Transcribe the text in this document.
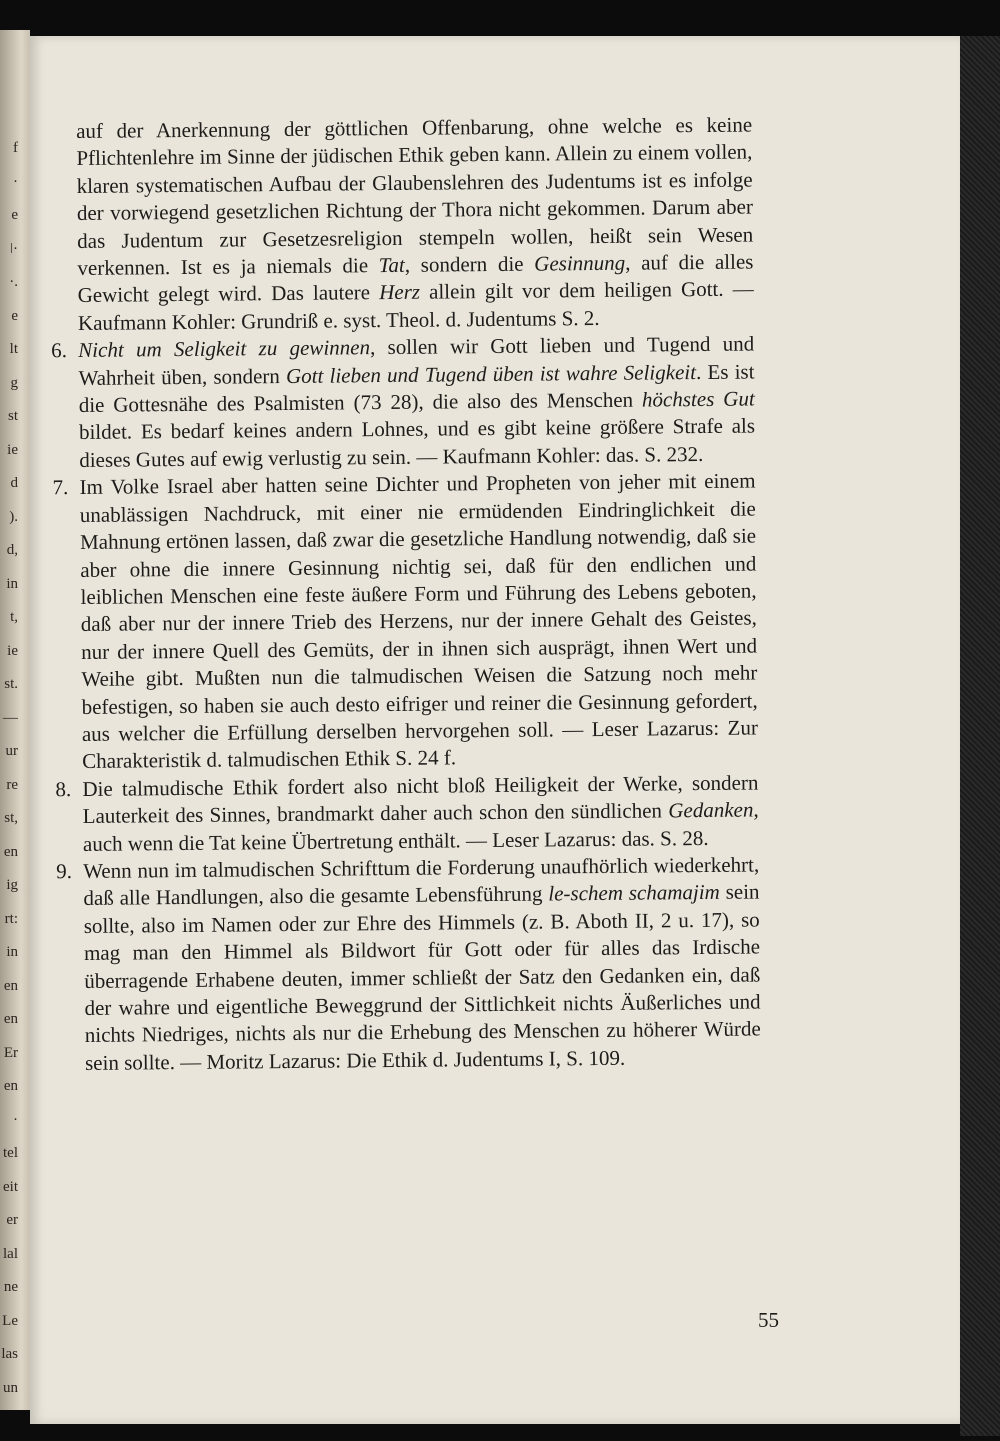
f
·
e
ǀ·
·.
e
lt
g
st
ie
d
).
d,
in
t,
ie
st.
—
ur
re
st,
en
ig
rt:
in
en
en
Er
en
·
tel
eit
er
lal
ne
Le
las
un

auf der Anerkennung der göttlichen Offenbarung, ohne welche es keine Pflichtenlehre im Sinne der jüdischen Ethik geben kann. Allein zu einem vollen, klaren systematischen Aufbau der Glaubenslehren des Judentums ist es infolge der vorwiegend gesetzlichen Richtung der Thora nicht gekommen. Darum aber das Judentum zur Gesetzesreligion stempeln wollen, heißt sein Wesen verkennen. Ist es ja niemals die Tat, sondern die Gesinnung, auf die alles Gewicht gelegt wird. Das lautere Herz allein gilt vor dem heiligen Gott. — Kaufmann Kohler: Grundriß e. syst. Theol. d. Judentums S. 2.

6. Nicht um Seligkeit zu gewinnen, sollen wir Gott lieben und Tugend und Wahrheit üben, sondern Gott lieben und Tugend üben ist wahre Seligkeit. Es ist die Gottesnähe des Psalmisten (73 28), die also des Menschen höchstes Gut bildet. Es bedarf keines andern Lohnes, und es gibt keine größere Strafe als dieses Gutes auf ewig verlustig zu sein. — Kaufmann Kohler: das. S. 232.

7. Im Volke Israel aber hatten seine Dichter und Propheten von jeher mit einem unablässigen Nachdruck, mit einer nie ermüdenden Eindringlichkeit die Mahnung ertönen lassen, daß zwar die gesetzliche Handlung notwendig, daß sie aber ohne die innere Gesinnung nichtig sei, daß für den endlichen und leiblichen Menschen eine feste äußere Form und Führung des Lebens geboten, daß aber nur der innere Trieb des Herzens, nur der innere Gehalt des Geistes, nur der innere Quell des Gemüts, der in ihnen sich ausprägt, ihnen Wert und Weihe gibt. Mußten nun die talmudischen Weisen die Satzung noch mehr befestigen, so haben sie auch desto eifriger und reiner die Gesinnung gefordert, aus welcher die Erfüllung derselben hervorgehen soll. — Leser Lazarus: Zur Charakteristik d. talmudischen Ethik S. 24 f.

8. Die talmudische Ethik fordert also nicht bloß Heiligkeit der Werke, sondern Lauterkeit des Sinnes, brandmarkt daher auch schon den sündlichen Gedanken, auch wenn die Tat keine Übertretung enthält. — Leser Lazarus: das. S. 28.

9. Wenn nun im talmudischen Schrifttum die Forderung unaufhörlich wiederkehrt, daß alle Handlungen, also die gesamte Lebensführung le-schem schamajim sein sollte, also im Namen oder zur Ehre des Himmels (z. B. Aboth II, 2 u. 17), so mag man den Himmel als Bildwort für Gott oder für alles das Irdische überragende Erhabene deuten, immer schließt der Satz den Gedanken ein, daß der wahre und eigentliche Beweggrund der Sittlichkeit nichts Äußerliches und nichts Niedriges, nichts als nur die Erhebung des Menschen zu höherer Würde sein sollte. — Moritz Lazarus: Die Ethik d. Judentums I, S. 109.

55
